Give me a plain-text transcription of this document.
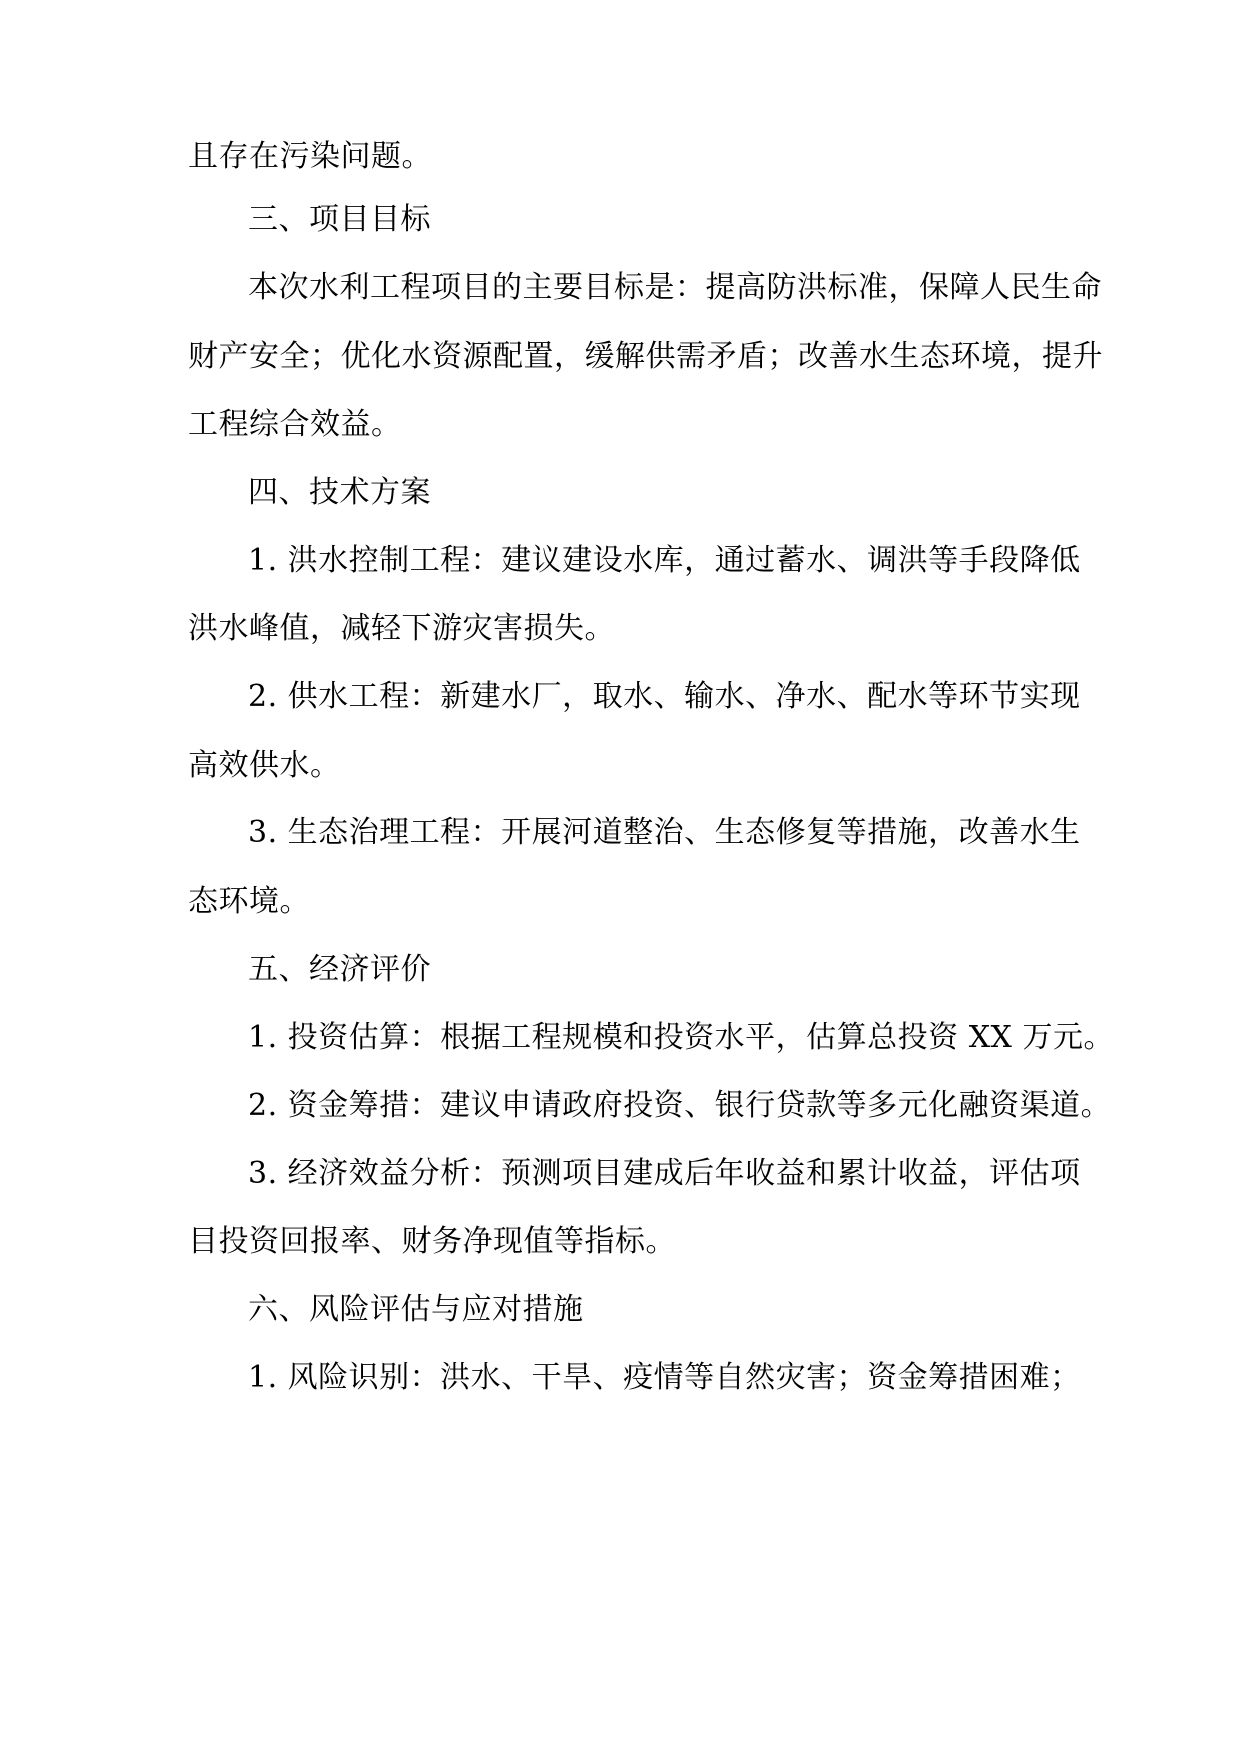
且存在污染问题。
三、项目目标
本次水利工程项目的主要目标是：提高防洪标准，保障人民生命
财产安全；优化水资源配置，缓解供需矛盾；改善水生态环境，提升
工程综合效益。
四、技术方案
1. 洪水控制工程：建议建设水库，通过蓄水、调洪等手段降低
洪水峰值，减轻下游灾害损失。
2. 供水工程：新建水厂，取水、输水、净水、配水等环节实现
高效供水。
3. 生态治理工程：开展河道整治、生态修复等措施，改善水生
态环境。
五、经济评价
1. 投资估算：根据工程规模和投资水平，估算总投资 XX 万元。
2. 资金筹措：建议申请政府投资、银行贷款等多元化融资渠道。
3. 经济效益分析：预测项目建成后年收益和累计收益，评估项
目投资回报率、财务净现值等指标。
六、风险评估与应对措施
1. 风险识别：洪水、干旱、疫情等自然灾害；资金筹措困难；
